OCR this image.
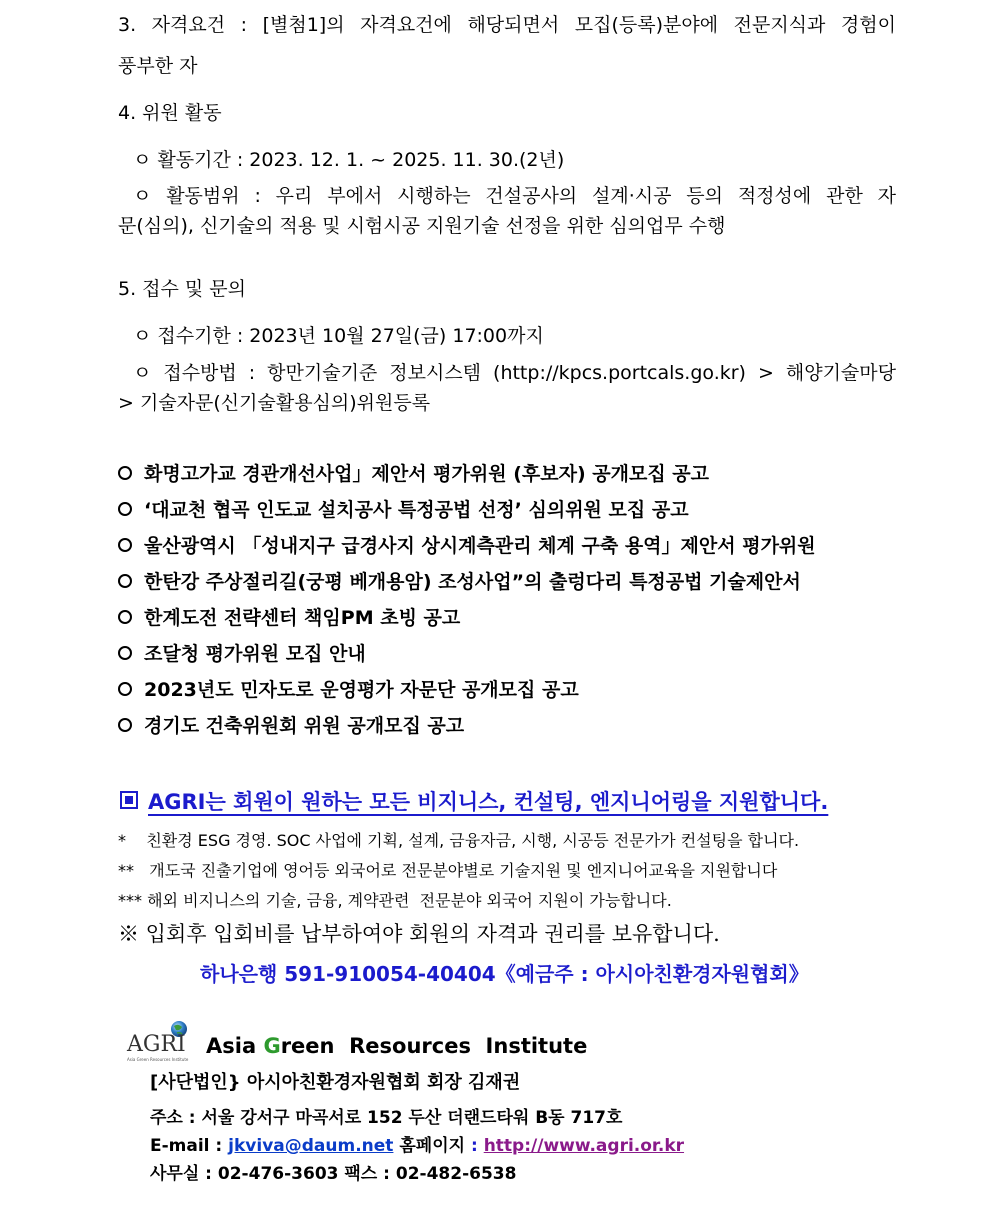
3. 자격요건 : [별첨1]의 자격요건에 해당되면서 모집(등록)분야에 전문지식과 경험이
풍부한 자
4. 위원 활동
ㅇ 활동기간 : 2023. 12. 1. ~ 2025. 11. 30.(2년)
ㅇ 활동범위 : 우리 부에서 시행하는 건설공사의 설계·시공 등의 적정성에 관한 자
문(심의), 신기술의 적용 및 시험시공 지원기술 선정을 위한 심의업무 수행
5. 접수 및 문의
ㅇ 접수기한 : 2023년 10월 27일(금) 17:00까지
ㅇ 접수방법 : 항만기술기준 정보시스템 (http://kpcs.portcals.go.kr) > 해양기술마당
> 기술자문(신기술활용심의)위원등록
화명고가교 경관개선사업」제안서 평가위원 (후보자) 공개모집 공고
‘대교천 협곡 인도교 설치공사 특정공법 선정’ 심의위원 모집 공고
울산광역시 「성내지구 급경사지 상시계측관리 체계 구축 용역」제안서 평가위원
한탄강 주상절리길(궁평 베개용암) 조성사업”의 출렁다리 특정공법 기술제안서
한계도전 전략센터 책임PM 초빙 공고
조달청 평가위원 모집 안내
2023년도 민자도로 운영평가 자문단 공개모집 공고
경기도 건축위원회 위원 공개모집 공고
AGRI는 회원이 원하는 모든 비지니스, 컨설팅, 엔지니어링을 지원합니다.
*    친환경 ESG 경영. SOC 사업에 기획, 설계, 금융자금, 시행, 시공등 전문가가 컨설팅을 합니다.
**   개도국 진출기업에 영어등 외국어로 전문분야별로 기술지원 및 엔지니어교육을 지원합니다
*** 해외 비지니스의 기술, 금융, 계약관련  전문분야 외국어 지원이 가능합니다.
※ 입회후 입회비를 납부하여야 회원의 자격과 권리를 보유합니다.
하나은행 591-910054-40404《예금주 : 아시아친환경자원협회》
AGRI
Asia Green Resources Institute
Asia Green  Resources  Institute
[사단법인} 아시아친환경자원협회 회장 김재권
주소 : 서울 강서구 마곡서로 152 두산 더랜드타워 B동 717호
E-mail : jkviva@daum.net 홈페이지 : http://www.agri.or.kr
사무실 : 02-476-3603 팩스 : 02-482-6538
